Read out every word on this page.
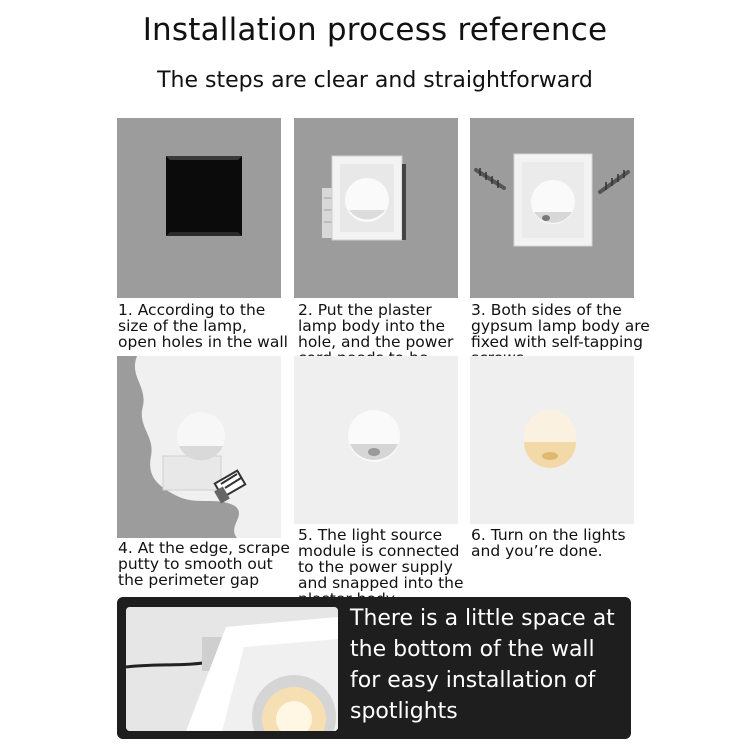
Installation process reference
The steps are clear and straightforward
1. According to the
size of the lamp,
open holes in the wall
2. Put the plaster
lamp body into the
hole, and the power

3. Both sides of the
gypsum lamp body are
fixed with self-tapping

4. At the edge, scrape
putty to smooth out
the perimeter gap
5. The light source
module is connected
to the power supply
and snapped into the

6. Turn on the lights
and you’re done.
There is a little space at
the bottom of the wall
for easy installation of
spotlights
